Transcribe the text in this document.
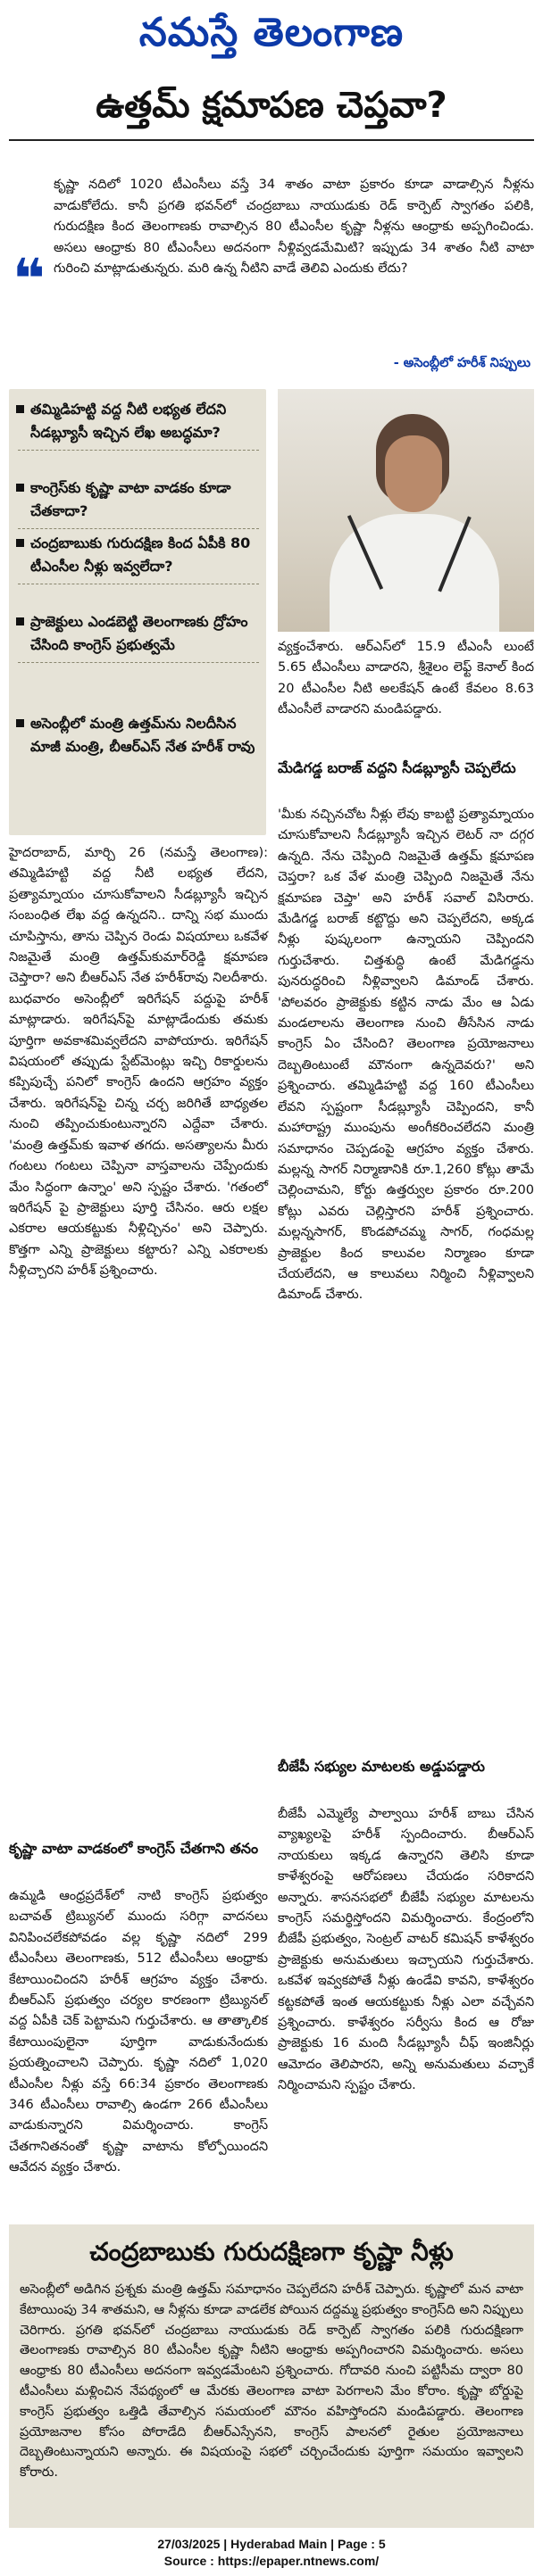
నమస్తే తెలంగాణ
ఉత్తమ్‌ క్షమాపణ చెప్తవా?
❝
కృష్ణా నదిలో 1020 టీఎంసీలు వస్తే 34 శాతం వాటా ప్రకారం కూడా వాడాల్సిన నీళ్లను వాడుకోలేదు. కానీ ప్రగతి భవన్‌లో చంద్రబాబు నాయుడుకు రెడ్‌ కార్పెట్‌ స్వాగతం పలికి, గురుదక్షిణ కింద తెలంగాణకు రావాల్సిన 80 టీఎంసీల కృష్ణా నీళ్లను ఆంధ్రాకు అప్పగించిండు. అసలు ఆంధ్రాకు 80 టీఎంసీలు అదనంగా నీళ్లివ్వడమేమిటి? ఇప్పుడు 34 శాతం నీటి వాటా గురించి మాట్లాడుతున్నరు. మరి ఉన్న నీటిని వాడే తెలివి ఎందుకు లేదు?
- అసెంబ్లీలో హరీశ్‌ నిప్పులు
తమ్మిడిహట్టి వద్ద నీటి లభ్యత లేదని సీడబ్ల్యూసీ ఇచ్చిన లేఖ అబద్ధమా?
కాంగ్రెస్‌కు కృష్ణా వాటా వాడకం కూడా చేతకాదా?
చంద్రబాబుకు గురుదక్షిణ కింద ఏపీకి 80 టీఎంసీల నీళ్లు ఇవ్వలేదా?
ప్రాజెక్టులు ఎండబెట్టి తెలంగాణకు ద్రోహం చేసింది కాంగ్రెస్‌ ప్రభుత్వమే
అసెంబ్లీలో మంత్రి ఉత్తమ్‌ను నిలదీసిన మాజీ మంత్రి, బీఆర్‌ఎస్‌ నేత హరీశ్‌ రావు
వ్యక్తంచేశారు. ఆర్‌ఎస్‌లో 15.9 టీఎంసీ లుంటే 5.65 టీఎంసీలు వాడారని, శ్రీశైలం లెఫ్ట్‌ కెనాల్‌ కింద 20 టీఎంసీల నీటి అలకేషన్‌ ఉంటే కేవలం 8.63 టీఎంసీలే వాడారని మండిపడ్డారు.
మేడిగడ్డ బరాజ్‌ వద్దని సీడబ్ల్యూసీ చెప్పలేదు
'మీకు నచ్చినచోట నీళ్లు లేవు కాబట్టి ప్రత్యామ్నాయం చూసుకోవాలని సీడబ్ల్యూసీ ఇచ్చిన లెటర్‌ నా దగ్గర ఉన్నది. నేను చెప్పింది నిజమైతే ఉత్తమ్‌ క్షమాపణ చెప్తరా? ఒక వేళ మంత్రి చెప్పింది నిజమైతే నేను క్షమాపణ చెప్తా' అని హరీశ్‌ సవాల్‌ విసిరారు. మేడిగడ్డ బరాజ్‌ కట్టొద్దు అని చెప్పలేదని, అక్కడ నీళ్లు పుష్కలంగా ఉన్నాయని చెప్పిందని గుర్తుచేశారు. చిత్తశుద్ధి ఉంటే మేడిగడ్డను పునరుద్ధరించి నీళ్లివ్వాలని డిమాండ్‌ చేశారు. 'పోలవరం ప్రాజెక్టుకు కట్టిన నాడు మేం ఆ ఏడు మండలాలను తెలంగాణ నుంచి తీసేసిన నాడు కాంగ్రెస్‌ ఏం చేసింది? తెలంగాణ ప్రయోజనాలు దెబ్బతింటుంటే మౌనంగా ఉన్నదెవరు?' అని ప్రశ్నించారు. తమ్మిడిహట్టి వద్ద 160 టీఎంసీలు లేవని స్పష్టంగా సీడబ్ల్యూసీ చెప్పిందని, కానీ మహారాష్ట్ర ముంపును అంగీకరించలేదని మంత్రి సమాధానం చెప్పడంపై ఆగ్రహం వ్యక్తం చేశారు. మల్లన్న సాగర్‌ నిర్మాణానికి రూ.1,260 కోట్లు తామే చెల్లించామని, కోర్టు ఉత్తర్వుల ప్రకారం రూ.200 కోట్లు ఎవరు చెల్లిస్తారని హరీశ్‌ ప్రశ్నించారు. మల్లన్నసాగర్‌, కొండపోచమ్మ సాగర్‌, గంధమల్ల ప్రాజెక్టుల కింద కాలువల నిర్మాణం కూడా చేయలేదని, ఆ కాలువలు నిర్మించి నీళ్లివ్వాలని డిమాండ్‌ చేశారు.
బీజేపీ సభ్యుల మాటలకు అడ్డుపడ్డారు
బీజేపీ ఎమ్మెల్యే పాల్వాయి హరీశ్‌ బాబు చేసిన వ్యాఖ్యలపై హరీశ్‌ స్పందించారు. బీఆర్‌ఎస్‌ నాయకులు ఇక్కడ ఉన్నారని తెలిసి కూడా కాళేశ్వరంపై ఆరోపణలు చేయడం సరికాదని అన్నారు. శాసనసభలో బీజేపీ సభ్యుల మాటలను కాంగ్రెస్‌ సమర్థిస్తోందని విమర్శించారు. కేంద్రంలోని బీజేపీ ప్రభుత్వం, సెంట్రల్‌ వాటర్‌ కమిషన్‌ కాళేశ్వరం ప్రాజెక్టుకు అనుమతులు ఇచ్చాయని గుర్తుచేశారు. ఒకవేళ ఇవ్వకపోతే నీళ్లు ఉండేవి కావని, కాళేశ్వరం కట్టకపోతే ఇంత ఆయకట్టుకు నీళ్లు ఎలా వచ్చేవని ప్రశ్నించారు. కాళేశ్వరం సర్వీసు కింద ఆ రోజు ప్రాజెక్టుకు 16 మంది సీడబ్ల్యూసీ చీఫ్‌ ఇంజినీర్లు ఆమోదం తెలిపారని, అన్ని అనుమతులు వచ్చాకే నిర్మించామని స్పష్టం చేశారు.
హైదరాబాద్‌, మార్చి 26 (నమస్తే తెలంగాణ): తమ్మిడిహట్టి వద్ద నీటి లభ్యత లేదని, ప్రత్యామ్నాయం చూసుకోవాలని సీడబ్ల్యూసీ ఇచ్చిన సంబంధిత లేఖ వద్ద ఉన్నదని.. దాన్ని సభ ముందు చూపిస్తాను, తాను చెప్పిన రెండు విషయాలు ఒకవేళ నిజమైతే మంత్రి ఉత్తమ్‌కుమార్‌రెడ్డి క్షమాపణ చెప్తారా? అని బీఆర్‌ఎస్‌ నేత హరీశ్‌రావు నిలదీశారు. బుధవారం అసెంబ్లీలో ఇరిగేషన్‌ పద్దుపై హరీశ్‌ మాట్లాడారు. ఇరిగేషన్‌పై మాట్లాడేందుకు తమకు పూర్తిగా అవకాశమివ్వలేదని వాపోయారు. ఇరిగేషన్‌ విషయంలో తప్పుడు స్టేట్‌మెంట్లు ఇచ్చి రికార్డులను కప్పిపుచ్చే పనిలో కాంగ్రెస్‌ ఉందని ఆగ్రహం వ్యక్తం చేశారు. ఇరిగేషన్‌పై చిన్న చర్చ జరిగితే బాధ్యతల నుంచి తప్పించుకుంటున్నారని ఎద్దేవా చేశారు. 'మంత్రి ఉత్తమ్‌కు ఇవాళ తగదు. అసత్యాలను మీరు గంటలు గంటలు చెప్పినా వాస్తవాలను చెప్పేందుకు మేం సిద్ధంగా ఉన్నాం' అని స్పష్టం చేశారు. 'గతంలో ఇరిగేషన్‌ పై ప్రాజెక్టులు పూర్తి చేసినం. ఆరు లక్షల ఎకరాల ఆయకట్టుకు నీళ్లిచ్చినం' అని చెప్పారు. కొత్తగా ఎన్ని ప్రాజెక్టులు కట్టారు? ఎన్ని ఎకరాలకు నీళ్లిచ్చారని హరీశ్‌ ప్రశ్నించారు.
కృష్ణా వాటా వాడకంలో కాంగ్రెస్‌ చేతగాని తనం
ఉమ్మడి ఆంధ్రప్రదేశ్‌లో నాటి కాంగ్రెస్‌ ప్రభుత్వం బచావత్‌ ట్రిబ్యునల్‌ ముందు సరిగ్గా వాదనలు వినిపించలేకపోవడం వల్ల కృష్ణా నదిలో 299 టీఎంసీలు తెలంగాణకు, 512 టీఎంసీలు ఆంధ్రాకు కేటాయించిందని హరీశ్‌ ఆగ్రహం వ్యక్తం చేశారు. బీఆర్‌ఎస్‌ ప్రభుత్వం చర్యల కారణంగా ట్రిబ్యునల్‌ వద్ద ఏపీకి చెక్‌ పెట్టామని గుర్తుచేశారు. ఆ తాత్కాలిక కేటాయింపులైనా పూర్తిగా వాడుకునేందుకు ప్రయత్నించాలని చెప్పారు. కృష్ణా నదిలో 1,020 టీఎంసీల నీళ్లు వస్తే 66:34 ప్రకారం తెలంగాణకు 346 టీఎంసీలు రావాల్సి ఉండగా 266 టీఎంసీలు వాడుకున్నారని విమర్శించారు. కాంగ్రెస్‌ చేతగానితనంతో కృష్ణా వాటాను కోల్పోయిందని ఆవేదన వ్యక్తం చేశారు.
చంద్రబాబుకు గురుదక్షిణగా కృష్ణా నీళ్లు
అసెంబ్లీలో అడిగిన ప్రశ్నకు మంత్రి ఉత్తమ్‌ సమాధానం చెప్పలేదని హరీశ్‌ చెప్పారు. కృష్ణాలో మన వాటా కేటాయింపు 34 శాతమని, ఆ నీళ్లను కూడా వాడలేక పోయిన దద్దమ్మ ప్రభుత్వం కాంగ్రెస్‌ది అని నిప్పులు చెరిగారు. ప్రగతి భవన్‌లో చంద్రబాబు నాయుడుకు రెడ్‌ కార్పెట్‌ స్వాగతం పలికి గురుదక్షిణగా తెలంగాణకు రావాల్సిన 80 టీఎంసీల కృష్ణా నీటిని ఆంధ్రాకు అప్పగించారని విమర్శించారు. అసలు ఆంధ్రాకు 80 టీఎంసీలు అదనంగా ఇవ్వడమేంటని ప్రశ్నించారు. గోదావరి నుంచి పట్టిసీమ ద్వారా 80 టీఎంసీలు మళ్లించిన నేపథ్యంలో ఆ మేరకు తెలంగాణ వాటా పెరగాలని మేం కోరాం. కృష్ణా బోర్డుపై కాంగ్రెస్‌ ప్రభుత్వం ఒత్తిడి తేవాల్సిన సమయంలో మౌనం వహిస్తోందని మండిపడ్డారు. తెలంగాణ ప్రయోజనాల కోసం పోరాడేది బీఆర్‌ఎస్సేనని, కాంగ్రెస్‌ పాలనలో రైతుల ప్రయోజనాలు దెబ్బతింటున్నాయని అన్నారు. ఈ విషయంపై సభలో చర్చించేందుకు పూర్తిగా సమయం ఇవ్వాలని కోరారు.
27/03/2025 | Hyderabad Main | Page : 5
Source : https://epaper.ntnews.com/
